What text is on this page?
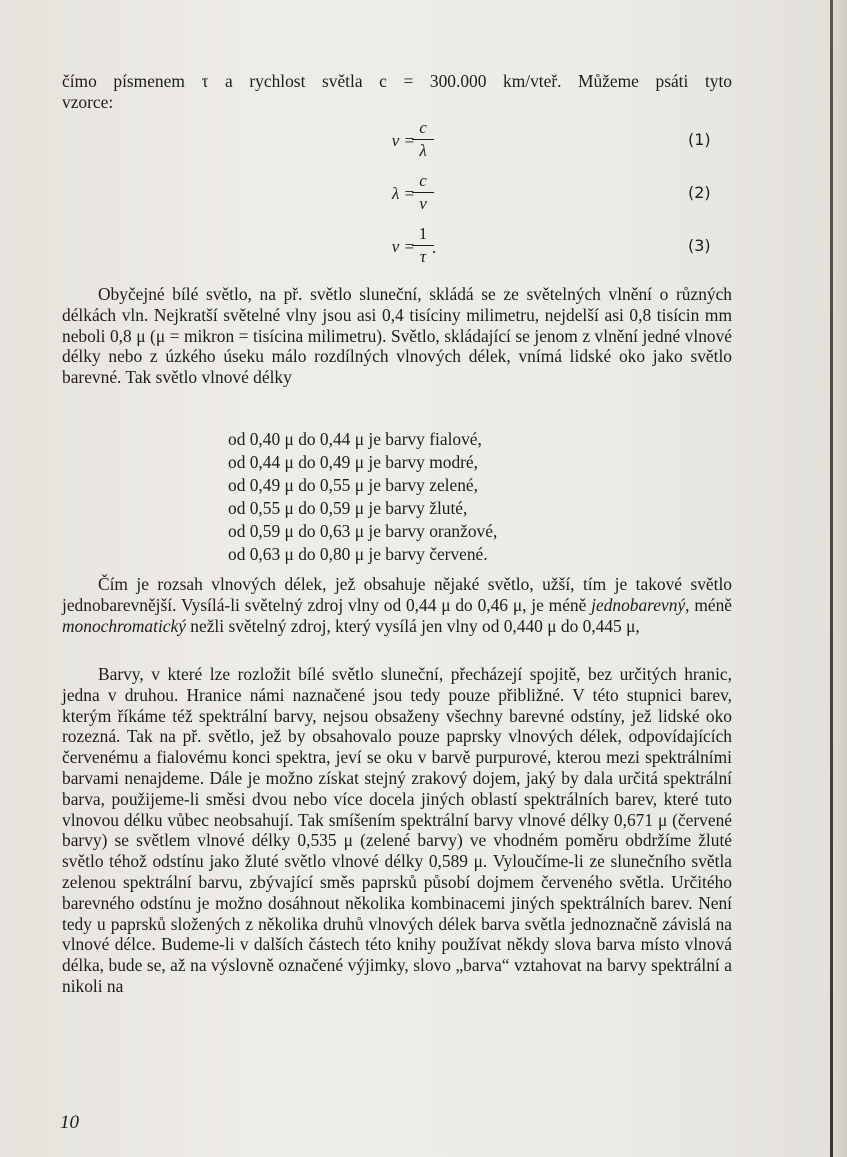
čímo písmenem τ a rychlost světla c = 300.000 km/vteř. Můžeme psáti tyto
vzorce:
ν =
c
λ
(1)
λ =
c
ν
(2)
ν =
1
τ .	(3)
Obyčejné bílé světlo, na př. světlo sluneční, skládá se ze světelných vlnění o různých délkách vln. Nejkratší světelné vlny jsou asi 0,4 tisíciny milimetru, nejdelší asi 0,8 tisícin mm neboli 0,8 μ (μ = mikron = tisícina milimetru). Světlo, skládající se jenom z vlnění jedné vlnové délky nebo z úzkého úseku málo rozdílných vlnových délek, vnímá lidské oko jako světlo barevné. Tak světlo vlnové délky
od 0,40 μ do 0,44 μ je barvy fialové,
od 0,44 μ do 0,49 μ je barvy modré,
od 0,49 μ do 0,55 μ je barvy zelené,
od 0,55 μ do 0,59 μ je barvy žluté,
od 0,59 μ do 0,63 μ je barvy oranžové,
od 0,63 μ do 0,80 μ je barvy červené.
Čím je rozsah vlnových délek, jež obsahuje nějaké světlo, užší, tím je takové světlo jednobarevnější. Vysílá-li světelný zdroj vlny od 0,44 μ do 0,46 μ, je méně jednobarevný, méně monochromatický nežli světelný zdroj, který vysílá jen vlny od 0,440 μ do 0,445 μ,
Barvy, v které lze rozložit bílé světlo sluneční, přecházejí spojitě, bez určitých hranic, jedna v druhou. Hranice námi naznačené jsou tedy pouze přibližné. V této stupnici barev, kterým říkáme též spektrální barvy, nejsou obsaženy všechny barevné odstíny, jež lidské oko rozezná. Tak na př. světlo, jež by obsahovalo pouze paprsky vlnových délek, odpovídajících červenému a fialovému konci spektra, jeví se oku v barvě purpurové, kterou mezi spektrálními barvami nenajdeme. Dále je možno získat stejný zrakový dojem, jaký by dala určitá spektrální barva, použijeme-li směsi dvou nebo více docela jiných oblastí spektrálních barev, které tuto vlnovou délku vůbec neobsahují. Tak smíšením spektrální barvy vlnové délky 0,671 μ (červené barvy) se světlem vlnové délky 0,535 μ (zelené barvy) ve vhodném poměru obdržíme žluté světlo téhož odstínu jako žluté světlo vlnové délky 0,589 μ. Vyloučíme-li ze slunečního světla zelenou spektrální barvu, zbývající směs paprsků působí dojmem červeného světla. Určitého barevného odstínu je možno dosáhnout několika kombinacemi jiných spektrálních barev. Není tedy u paprsků složených z několika druhů vlnových délek barva světla jednoznačně závislá na vlnové délce. Budeme-li v dalších částech této knihy používat někdy slova barva místo vlnová délka, bude se, až na výslovně označené výjimky, slovo „barva“ vztahovat na barvy spektrální a nikoli na
10
